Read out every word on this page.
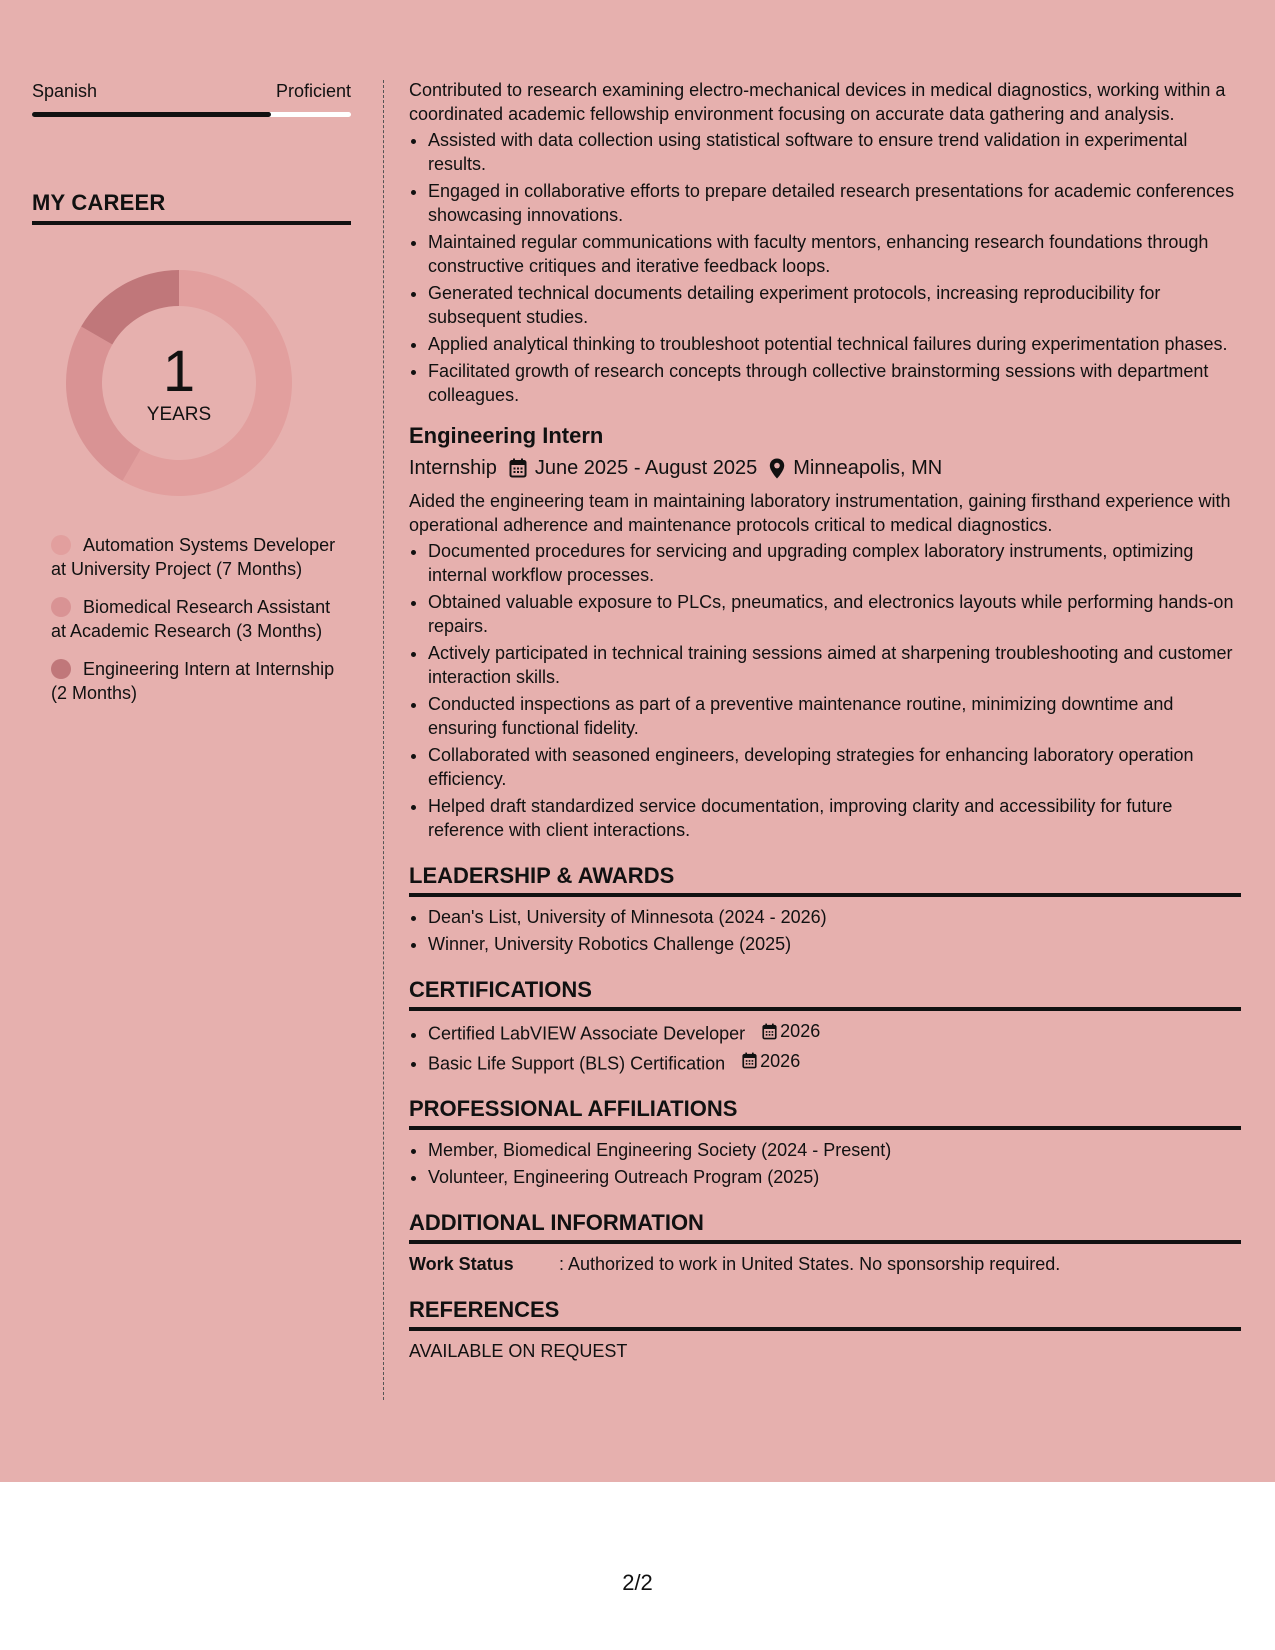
Spanish	Proficient
MY CAREER
1
YEARS
Automation Systems Developer at University Project (7 Months)
Biomedical Research Assistant at Academic Research (3 Months)
Engineering Intern at Internship (2 Months)

Contributed to research examining electro-mechanical devices in medical diagnostics, working within a coordinated academic fellowship environment focusing on accurate data gathering and analysis.

• Assisted with data collection using statistical software to ensure trend validation in experimental results.
• Engaged in collaborative efforts to prepare detailed research presentations for academic conferences showcasing innovations.
• Maintained regular communications with faculty mentors, enhancing research foundations through constructive critiques and iterative feedback loops.
• Generated technical documents detailing experiment protocols, increasing reproducibility for subsequent studies.
• Applied analytical thinking to troubleshoot potential technical failures during experimentation phases.
• Facilitated growth of research concepts through collective brainstorming sessions with department colleagues.
Engineering Intern
Internship June 2025 - August 2025 Minneapolis, MN

Aided the engineering team in maintaining laboratory instrumentation, gaining firsthand experience with operational adherence and maintenance protocols critical to medical diagnostics.

• Documented procedures for servicing and upgrading complex laboratory instruments, optimizing internal workflow processes.
• Obtained valuable exposure to PLCs, pneumatics, and electronics layouts while performing hands-on repairs.
• Actively participated in technical training sessions aimed at sharpening troubleshooting and customer interaction skills.
• Conducted inspections as part of a preventive maintenance routine, minimizing downtime and ensuring functional fidelity.
• Collaborated with seasoned engineers, developing strategies for enhancing laboratory operation efficiency.
• Helped draft standardized service documentation, improving clarity and accessibility for future reference with client interactions.
LEADERSHIP & AWARDS
• Dean's List, University of Minnesota (2024 - 2026)
• Winner, University Robotics Challenge (2025)
CERTIFICATIONS
• Certified LabVIEW Associate Developer 2026
• Basic Life Support (BLS) Certification 2026
PROFESSIONAL AFFILIATIONS
• Member, Biomedical Engineering Society (2024 - Present)
• Volunteer, Engineering Outreach Program (2025)
ADDITIONAL INFORMATION
Work Status	: Authorized to work in United States. No sponsorship required.
REFERENCES
AVAILABLE ON REQUEST
2/2
